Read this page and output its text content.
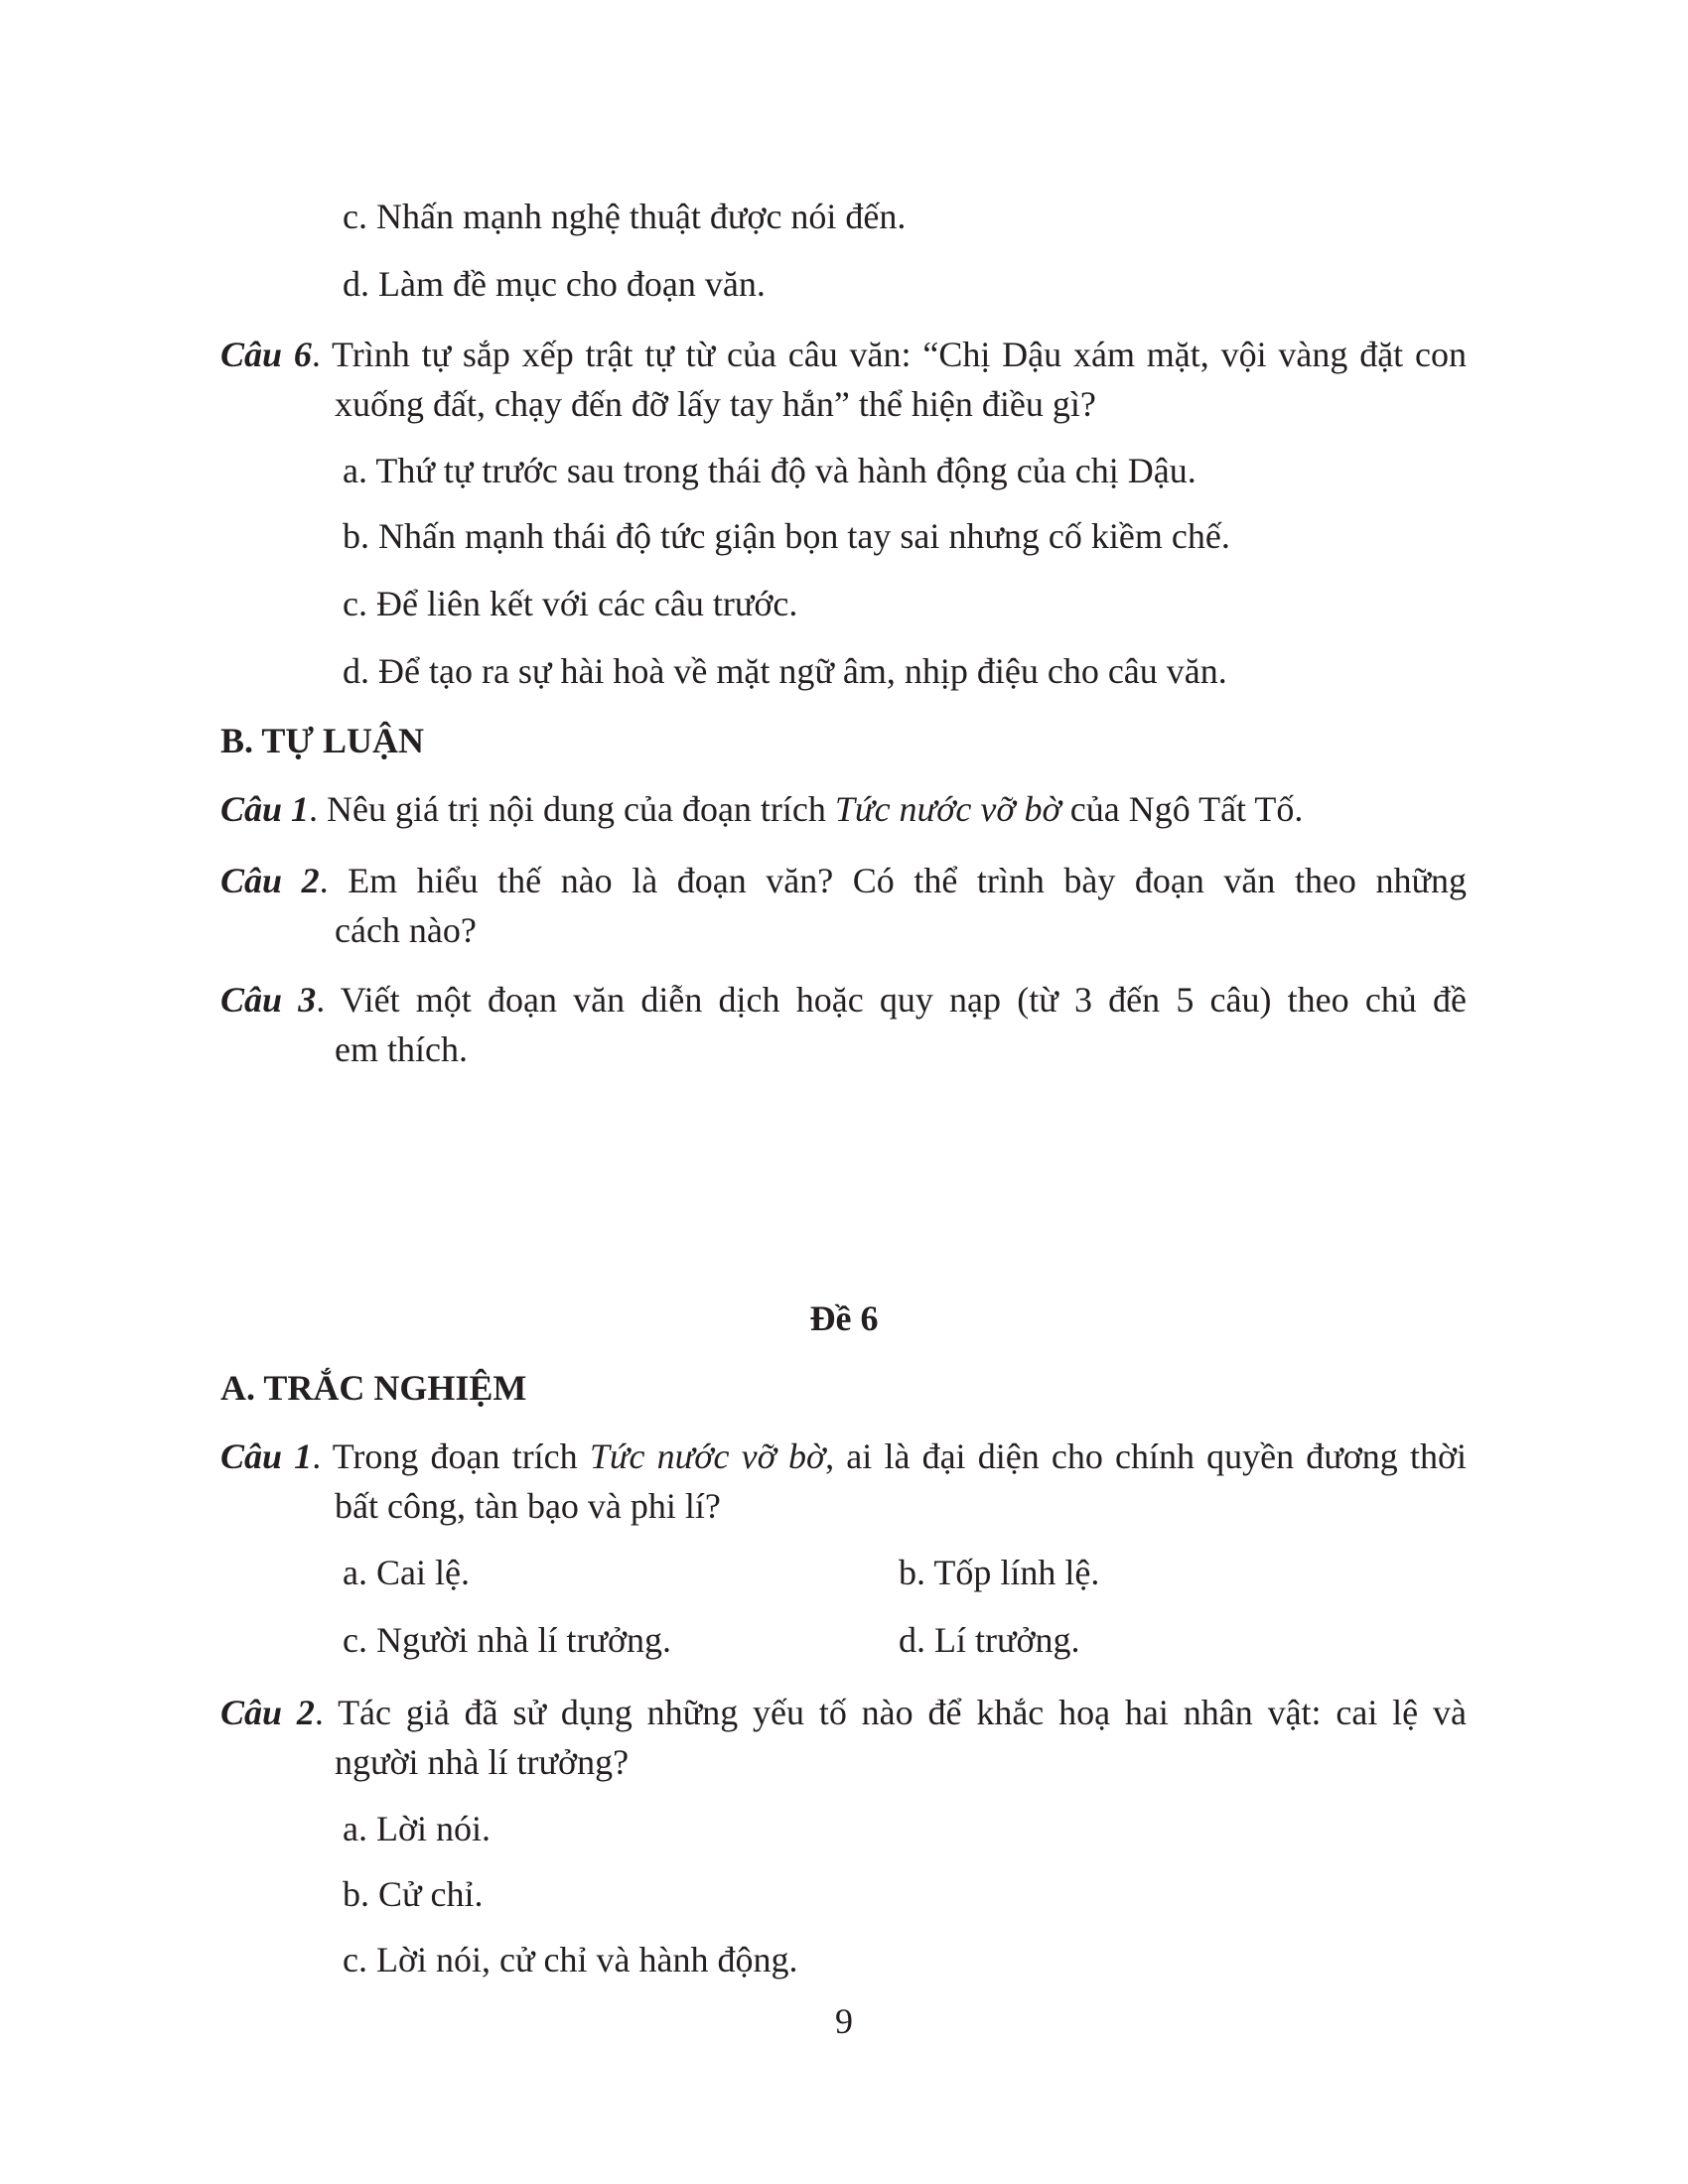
c. Nhấn mạnh nghệ thuật được nói đến.
d. Làm đề mục cho đoạn văn.
Câu 6. Trình tự sắp xếp trật tự từ của câu văn: “Chị Dậu xám mặt, vội vàng đặt con
xuống đất, chạy đến đỡ lấy tay hắn” thể hiện điều gì?
a. Thứ tự trước sau trong thái độ và hành động của chị Dậu.
b. Nhấn mạnh thái độ tức giận bọn tay sai nhưng cố kiềm chế.
c. Để liên kết với các câu trước.
d. Để tạo ra sự hài hoà về mặt ngữ âm, nhịp điệu cho câu văn.
B. TỰ LUẬN
Câu 1. Nêu giá trị nội dung của đoạn trích Tức nước vỡ bờ của Ngô Tất Tố.
Câu 2. Em hiểu thế nào là đoạn văn? Có thể trình bày đoạn văn theo những
cách nào?
Câu 3. Viết một đoạn văn diễn dịch hoặc quy nạp (từ 3 đến 5 câu) theo chủ đề
em thích.
Đề 6
A. TRẮC NGHIỆM
Câu 1. Trong đoạn trích Tức nước vỡ bờ, ai là đại diện cho chính quyền đương thời
bất công, tàn bạo và phi lí?
a. Cai lệ.	b. Tốp lính lệ.
c. Người nhà lí trưởng.	d. Lí trưởng.
Câu 2. Tác giả đã sử dụng những yếu tố nào để khắc hoạ hai nhân vật: cai lệ và
người nhà lí trưởng?
a. Lời nói.
b. Cử chỉ.
c. Lời nói, cử chỉ và hành động.
9
